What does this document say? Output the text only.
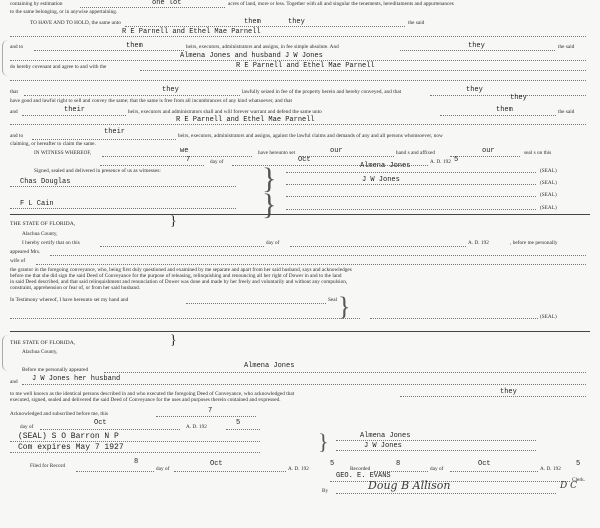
containing by estimation	one lot	acres of land, more or less. Together with all and singular the tenements, hereditaments and appurtenances
to the same belonging, or in anywise appertaining.
TO HAVE AND TO HOLD, the same unto	them	they	the said
R E Parnell and Ethel Mae Parnell
and to	them	heirs, executors, administrators and assigns, in fee simple absolute. And	they	the said
Almena Jones and husband J W Jones
do hereby covenant and agree to and with the	R E Parnell and Ethel Mae Parnell
that	they	lawfully seized in fee of the property herein and hereby conveyed, and that	they
have good and lawful right to sell and convey the same; that the same is free from all incumbrances of any kind whatsoever, and that	they
and	their	heirs, executors and administrators shall and will forever warrant and defend the same unto	them	the said
R E Parnell and Ethel Mae Parnell
and to	their	heirs, executors, administrators and assigns, against the lawful claims and demands of any and all persons whomsoever, now
claiming, or hereafter to claim the same.
IN WITNESS WHEREOF,	we	have hereunto set	our	hand s and affixed	our	seal s on this
7	day of	Oct	A. D. 192 5
Signed, sealed and delivered in presence of us as witnesses:	}
}
Chas Douglas
F L Cain
Almena Jones
(SEAL)
J W Jones	(SEAL)
(SEAL)
(SEAL)
THE STATE OF FLORIDA,	}
Alachua County,
I hereby certify that on this	day of	A. D. 192	, before me personally
appeared Mrs.
wife of
the grantor in the foregoing conveyance, who, being first duly questioned and examined by me separate and apart from her said husband, says and acknowledges
before me that she did sign the said Deed of Conveyance for the purpose of releasing, relinquishing and renouncing all her right of Dower in and to the land
in said Deed described, and that said relinquishment and renunciation of Dower was done and made by her freely and voluntarily and without any compulsion,
constraint, apprehension or fear of, or from her said husband.
In Testimony whereof, I have hereunto set my hand and	Seal }	(SEAL)
THE STATE OF FLORIDA,	}
Alachua County,
Before me personally appeared	Almena Jones
and J W Jones her husband
to me well known as the identical persons described in and who executed the foregoing Deed of Conveyance, who acknowledged that	they
executed, signed, sealed and delivered the said Deed of Conveyance for the uses and purposes therein contained and expressed.
Acknowledged and subscribed before me, this	7
day of	Oct	A. D. 192	5
(SEAL) S O Barron N P
Com expires May 7 1927	}	Almena Jones
J W Jones
Filed for Record	8
day of
Oct
A. D. 192
5
Recorded
8
day of
Oct
A. D. 192
5
GEO. E. EVANS	Clerk.
By	Doug B Allison	D C
